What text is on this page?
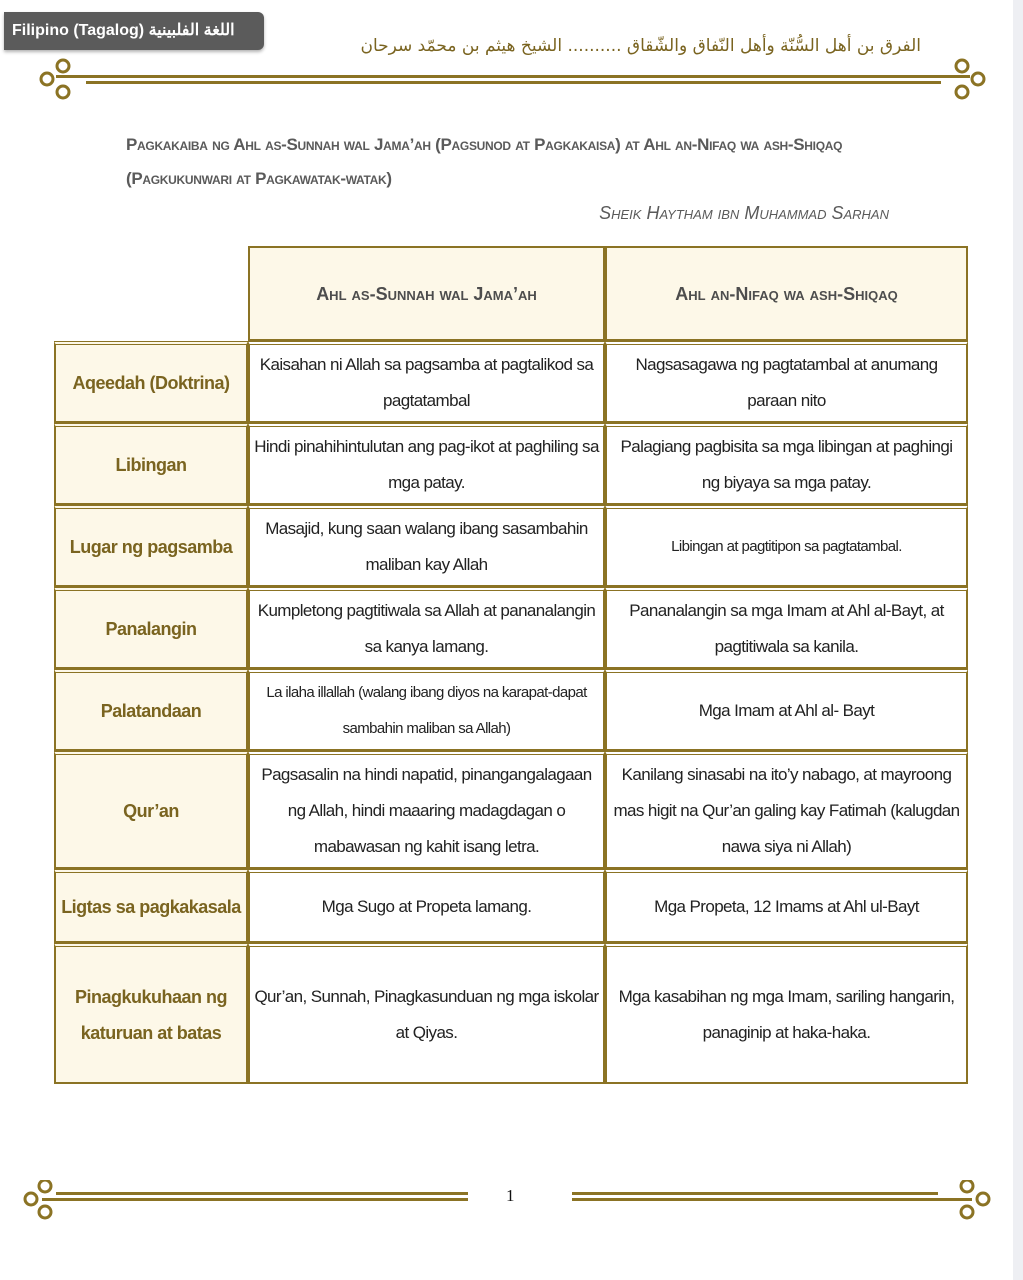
Filipino (Tagalog) اللغة الفلبينية
الفرق بن أهل السُّنّة وأهل النّفاق والشّقاق .......... الشيخ هيثم بن محمّد سرحان
Pagkakaiba ng Ahl as-Sunnah wal Jama’ah (Pagsunod at Pagkakaisa) at Ahl an-Nifaq wa ash-Shiqaq (Pagkukunwari at Pagkawatak-watak)
Sheik Haytham ibn Muhammad Sarhan
	Ahl as-Sunnah wal Jama’ah	Ahl an-Nifaq wa ash-Shiqaq
Aqeedah (Doktrina)	Kaisahan ni Allah sa pagsamba at pagtalikod sa pagtatambal	Nagsasagawa ng pagtatambal at anumang paraan nito
Libingan	Hindi pinahihintulutan ang pag-ikot at paghiling sa mga patay.	Palagiang pagbisita sa mga libingan at paghingi ng biyaya sa mga patay.
Lugar ng pagsamba	Masajid, kung saan walang ibang sasambahin maliban kay Allah	Libingan at pagtitipon sa pagtatambal.
Panalangin	Kumpletong pagtitiwala sa Allah at pananalangin sa kanya lamang.	Pananalangin sa mga Imam at Ahl al-Bayt, at pagtitiwala sa kanila.
Palatandaan	La ilaha illallah (walang ibang diyos na karapat-dapat sambahin maliban sa Allah)	Mga Imam at Ahl al- Bayt
Qur’an	Pagsasalin na hindi napatid, pinangangalagaan ng Allah, hindi maaaring madagdagan o mabawasan ng kahit isang letra.	Kanilang sinasabi na ito’y nabago, at mayroong mas higit na Qur’an galing kay Fatimah (kalugdan nawa siya ni Allah)
Ligtas sa pagkakasala	Mga Sugo at Propeta lamang.	Mga Propeta, 12 Imams at Ahl ul-Bayt
Pinagkukuhaan ng katuruan at batas	Qur’an, Sunnah, Pinagkasunduan ng mga iskolar at Qiyas.	Mga kasabihan ng mga Imam, sariling hangarin, panaginip at haka-haka.
1
